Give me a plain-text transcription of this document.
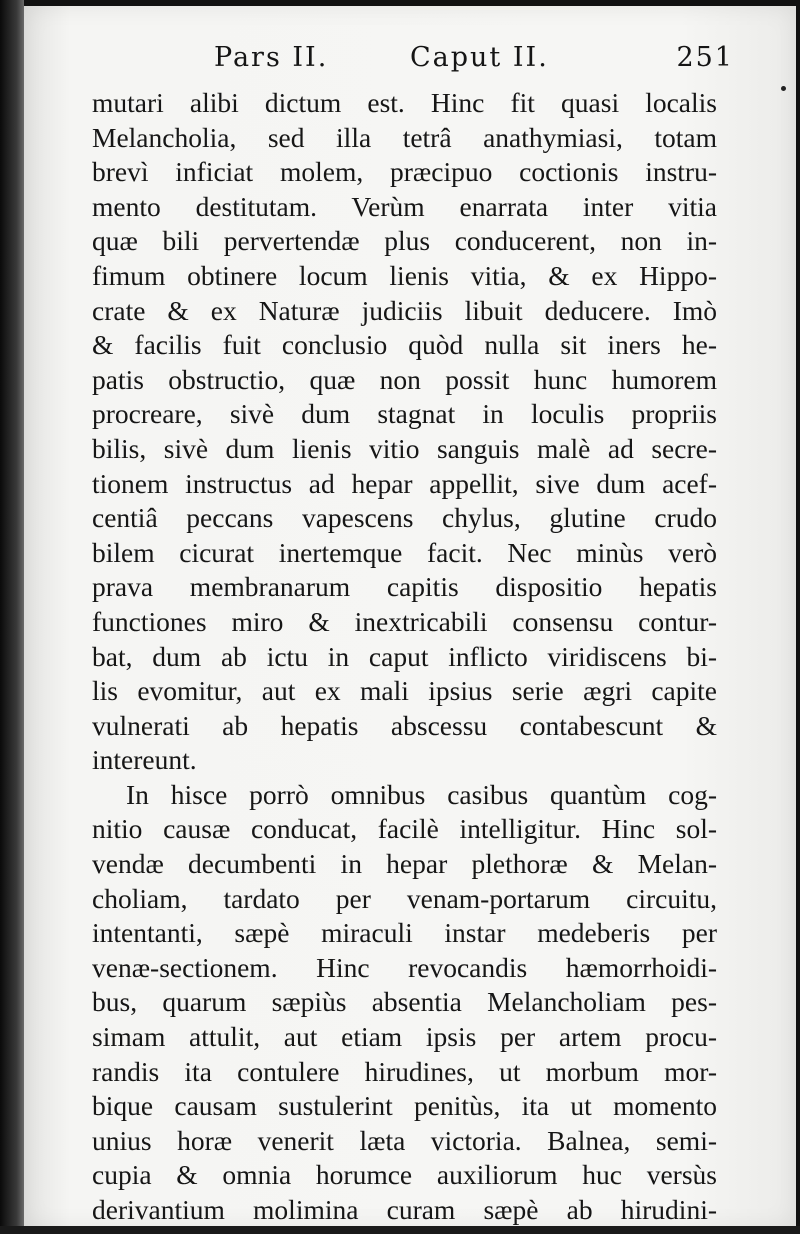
Pars II.	Caput II.	251
mutari alibi dictum est. Hinc fit quasi localis
Melancholia, sed illa tetrâ anathymiasi, totam
brevì inficiat molem, præcipuo coctionis instru-
mento destitutam. Verùm enarrata inter vitia
quæ bili pervertendæ plus conducerent, non in-
fimum obtinere locum lienis vitia, & ex Hippo-
crate & ex Naturæ judiciis libuit deducere. Imò
& facilis fuit conclusio quòd nulla sit iners he-
patis obstructio, quæ non possit hunc humorem
procreare, sivè dum stagnat in loculis propriis
bilis, sivè dum lienis vitio sanguis malè ad secre-
tionem instructus ad hepar appellit, sive dum acef-
centiâ peccans vapescens chylus, glutine crudo
bilem cicurat inertemque facit. Nec minùs verò
prava membranarum capitis dispositio hepatis
functiones miro & inextricabili consensu contur-
bat, dum ab ictu in caput inflicto viridiscens bi-
lis evomitur, aut ex mali ipsius serie ægri capite
vulnerati ab hepatis abscessu contabescunt &
intereunt.
In hisce porrò omnibus casibus quantùm cog-
nitio causæ conducat, facilè intelligitur. Hinc sol-
vendæ decumbenti in hepar plethoræ & Melan-
choliam, tardato per venam-portarum circuitu,
intentanti, sæpè miraculi instar medeberis per
venæ-sectionem. Hinc revocandis hæmorrhoidi-
bus, quarum sæpiùs absentia Melancholiam pes-
simam attulit, aut etiam ipsis per artem procu-
randis ita contulere hirudines, ut morbum mor-
bique causam sustulerint penitùs, ita ut momento
unius horæ venerit læta victoria. Balnea, semi-
cupia & omnia horumce auxiliorum huc versùs
derivantium molimina curam sæpè ab hirudini-
